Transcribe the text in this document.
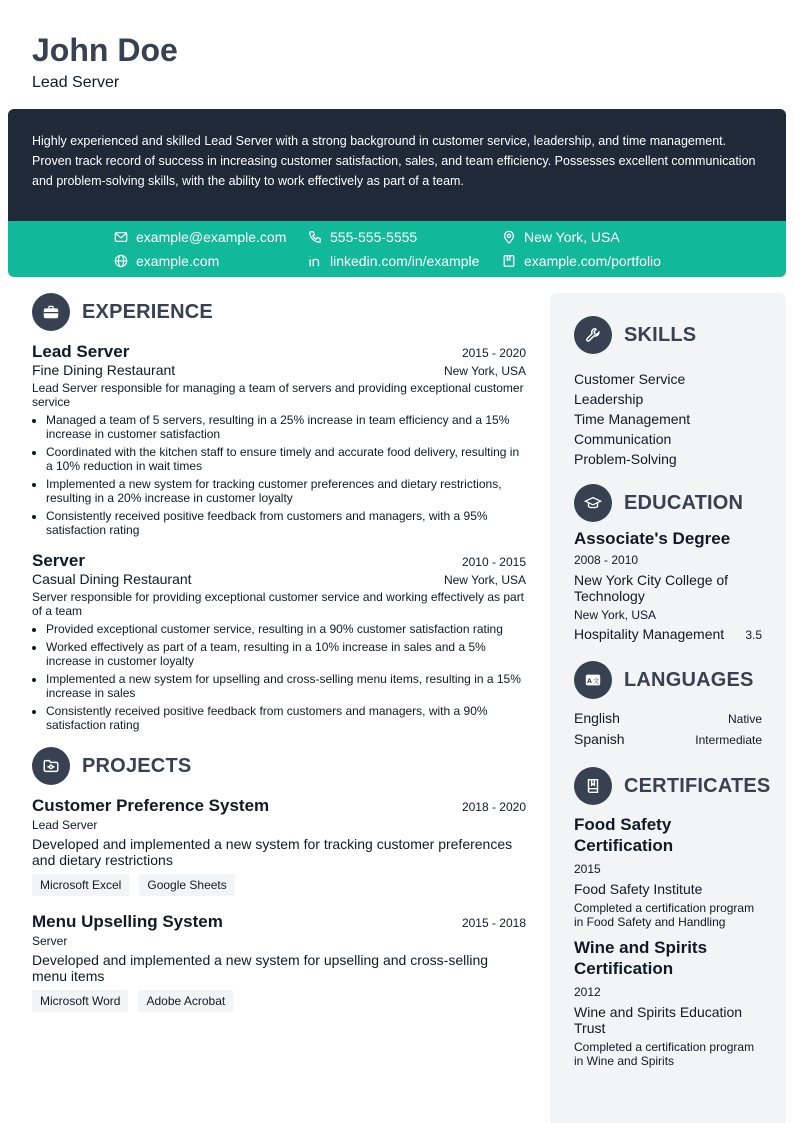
John Doe
Lead Server
Highly experienced and skilled Lead Server with a strong background in customer service, leadership, and time management. Proven track record of success in increasing customer satisfaction, sales, and team efficiency. Possesses excellent communication and problem-solving skills, with the ability to work effectively as part of a team.
example@example.com	555-555-5555	New York, USA
example.com	linkedin.com/in/example	example.com/portfolio
EXPERIENCE
Lead Server	2015 - 2020
Fine Dining Restaurant	New York, USA
Lead Server responsible for managing a team of servers and providing exceptional customer service
• Managed a team of 5 servers, resulting in a 25% increase in team efficiency and a 15% increase in customer satisfaction
• Coordinated with the kitchen staff to ensure timely and accurate food delivery, resulting in a 10% reduction in wait times
• Implemented a new system for tracking customer preferences and dietary restrictions, resulting in a 20% increase in customer loyalty
• Consistently received positive feedback from customers and managers, with a 95% satisfaction rating
Server	2010 - 2015
Casual Dining Restaurant	New York, USA
Server responsible for providing exceptional customer service and working effectively as part of a team
• Provided exceptional customer service, resulting in a 90% customer satisfaction rating
• Worked effectively as part of a team, resulting in a 10% increase in sales and a 5% increase in customer loyalty
• Implemented a new system for upselling and cross-selling menu items, resulting in a 15% increase in sales
• Consistently received positive feedback from customers and managers, with a 90% satisfaction rating
PROJECTS
Customer Preference System	2018 - 2020
Lead Server
Developed and implemented a new system for tracking customer preferences and dietary restrictions
Microsoft Excel	Google Sheets
Menu Upselling System	2015 - 2018
Server
Developed and implemented a new system for upselling and cross-selling menu items
Microsoft Word	Adobe Acrobat
SKILLS
Customer Service
Leadership
Time Management
Communication
Problem-Solving
EDUCATION
Associate's Degree
2008 - 2010
New York City College of Technology
New York, USA
Hospitality Management 3.5
A 文 LANGUAGES
English	Native
Spanish	Intermediate
CERTIFICATES
Food Safety Certification
2015
Food Safety Institute
Completed a certification program in Food Safety and Handling
Wine and Spirits Certification
2012
Wine and Spirits Education Trust
Completed a certification program in Wine and Spirits
